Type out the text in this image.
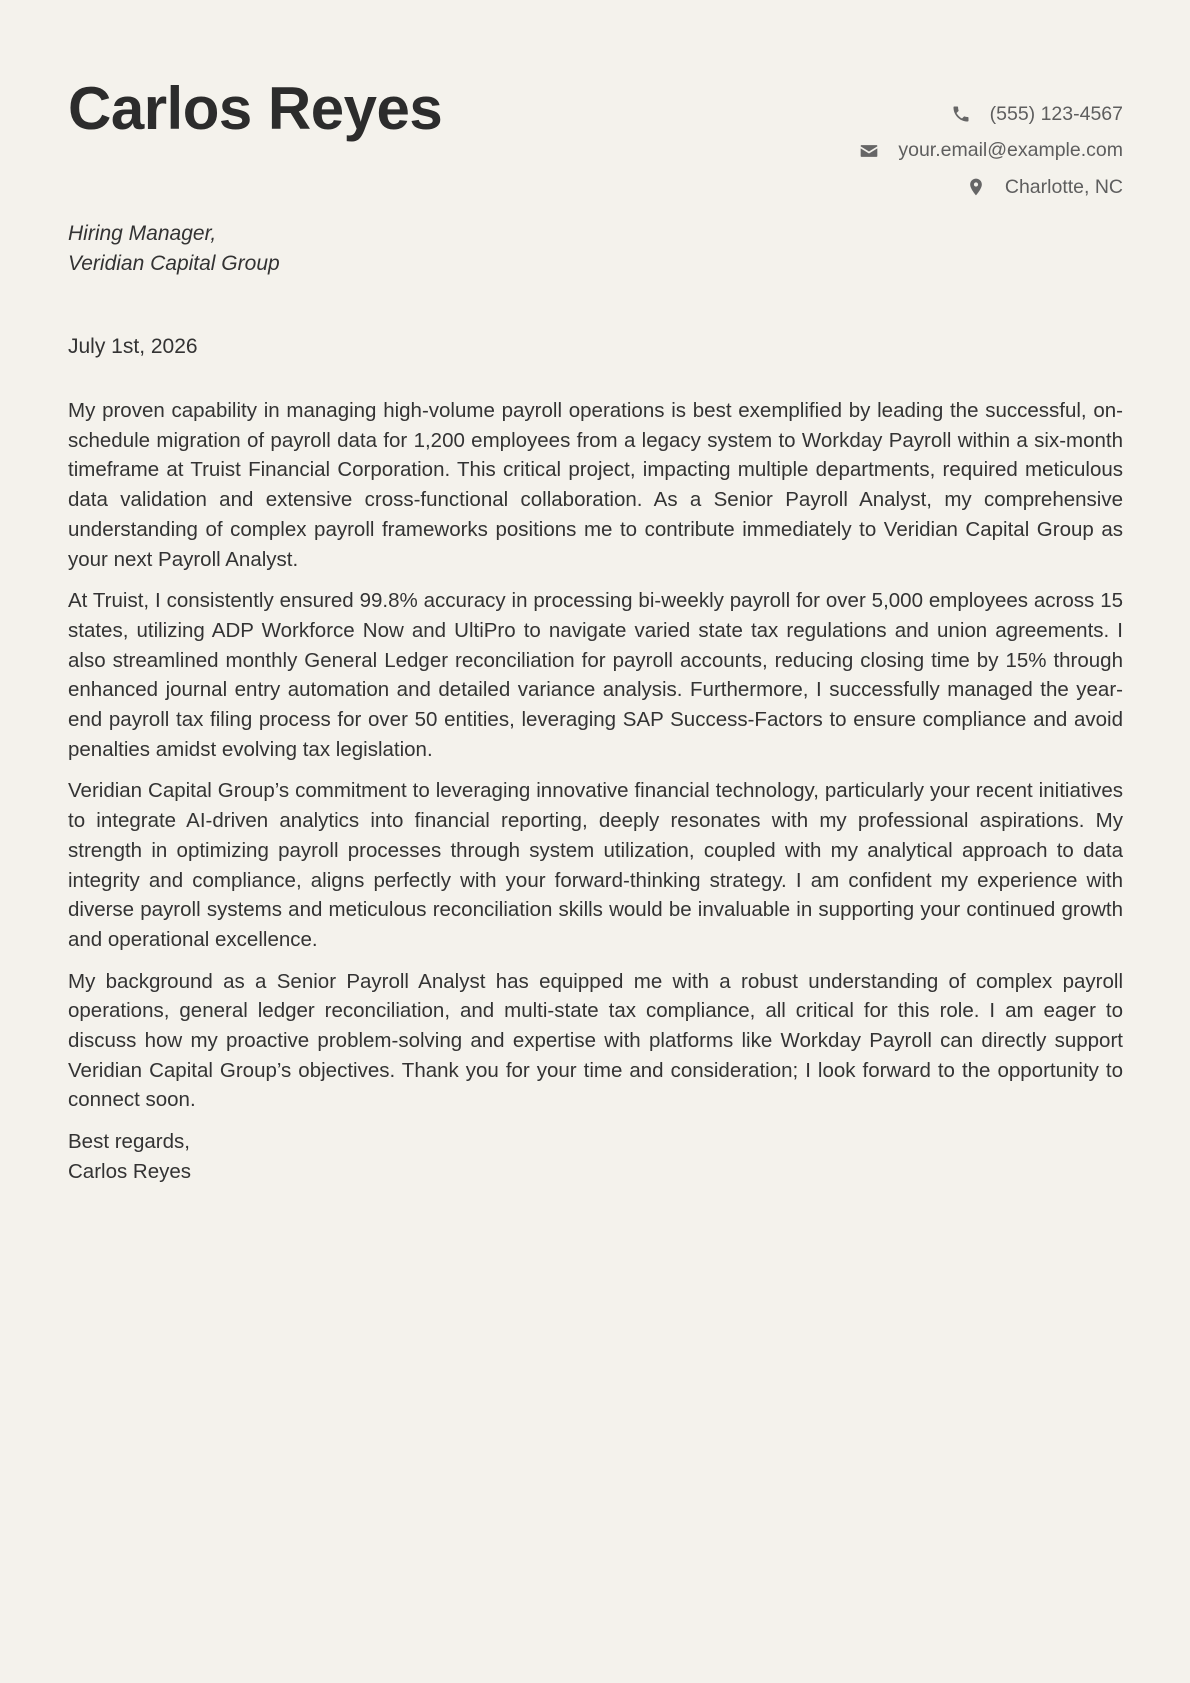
Carlos Reyes	(555) 123-4567
your.email@example.com
Charlotte, NC
Hiring Manager,
Veridian Capital Group
July 1st, 2026

My proven capability in managing high-volume payroll operations is best exemplified by leading the successful, on-schedule migration of payroll data for 1,200 employees from a legacy system to Workday Payroll within a six-month timeframe at Truist Financial Corporation. This critical project, impacting multiple departments, required meticulous data validation and extensive cross-functional collaboration. As a Senior Payroll Analyst, my comprehensive understanding of complex payroll frameworks positions me to contribute immediately to Veridian Capital Group as your next Payroll Analyst.

At Truist, I consistently ensured 99.8% accuracy in processing bi-weekly payroll for over 5,000 employees across 15 states, utilizing ADP Workforce Now and UltiPro to navigate varied state tax regulations and union agreements. I also streamlined monthly General Ledger reconciliation for payroll accounts, reducing closing time by 15% through enhanced journal entry automation and detailed variance analysis. Furthermore, I successfully managed the year-end payroll tax filing process for over 50 entities, leveraging SAP Success-Factors to ensure compliance and avoid penalties amidst evolving tax legislation.

Veridian Capital Group’s commitment to leveraging innovative financial technology, particularly your recent initiatives to integrate AI-driven analytics into financial reporting, deeply resonates with my professional aspirations. My strength in optimizing payroll processes through system utilization, coupled with my analytical approach to data integrity and compliance, aligns perfectly with your forward-thinking strategy. I am confident my experience with diverse payroll systems and meticulous reconciliation skills would be invaluable in supporting your continued growth and operational excellence.

My background as a Senior Payroll Analyst has equipped me with a robust understanding of complex payroll operations, general ledger reconciliation, and multi-state tax compliance, all critical for this role. I am eager to discuss how my proactive problem-solving and expertise with platforms like Workday Payroll can directly support Veridian Capital Group’s objectives. Thank you for your time and consideration; I look forward to the opportunity to connect soon.

Best regards,
Carlos Reyes
